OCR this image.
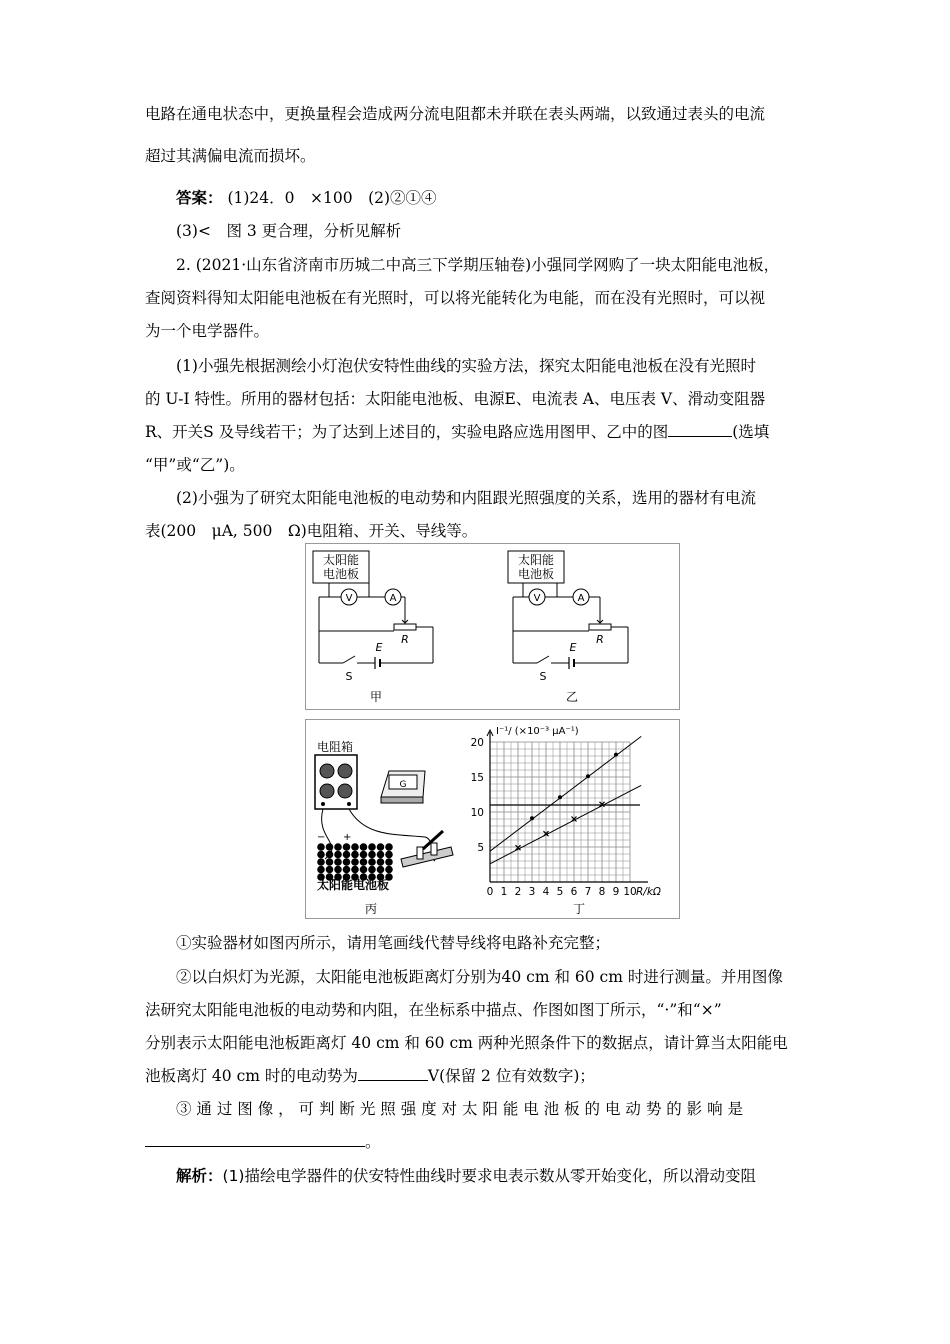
电路在通电状态中，更换量程会造成两分流电阻都未并联在表头两端，以致通过表头的电流
超过其满偏电流而损坏。
答案： (1)24．0　×100　(2)②①④
(3)<　图 3 更合理，分析见解析
2. (2021·山东省济南市历城二中高三下学期压轴卷)小强同学网购了一块太阳能电池板，
查阅资料得知太阳能电池板在有光照时，可以将光能转化为电能，而在没有光照时，可以视
为一个电学器件。
(1)小强先根据测绘小灯泡伏安特性曲线的实验方法，探究太阳能电池板在没有光照时
的 U-I 特性。所用的器材包括：太阳能电池板、电源E、电流表 A、电压表 V、滑动变阻器
R、开关S 及导线若干；为了达到上述目的，实验电路应选用图甲、乙中的图	(选填
“甲”或“乙”)。
(2)小强为了研究太阳能电池板的电动势和内阻跟光照强度的关系，选用的器材有电流
表(200　μA, 500　Ω)电阻箱、开关、导线等。
太阳能
电池板
V	A
R
S
E
甲
太阳能
电池板
V	A
R
S
E
乙
电阻箱
G
− +
太阳能电池板
丙
0 1 2 3 4 5 6 7 8 9 10
5
10
15
20
R/kΩ
I⁻¹/ (×10⁻³ μA⁻¹)
丁
①实验器材如图丙所示，请用笔画线代替导线将电路补充完整；
②以白炽灯为光源，太阳能电池板距离灯分别为40 cm 和 60 cm 时进行测量。并用图像
法研究太阳能电池板的电动势和内阻，在坐标系中描点、作图如图丁所示，“·”和“×”
分别表示太阳能电池板距离灯 40 cm 和 60 cm 两种光照条件下的数据点，请计算当太阳能电
池板离灯 40 cm 时的电动势为	V(保留 2 位有效数字)；
③ 通 过 图 像 ， 可 判 断 光 照 强 度 对 太 阳 能 电 池 板 的 电 动 势 的 影 响 是
。
解析：(1)描绘电学器件的伏安特性曲线时要求电表示数从零开始变化，所以滑动变阻
